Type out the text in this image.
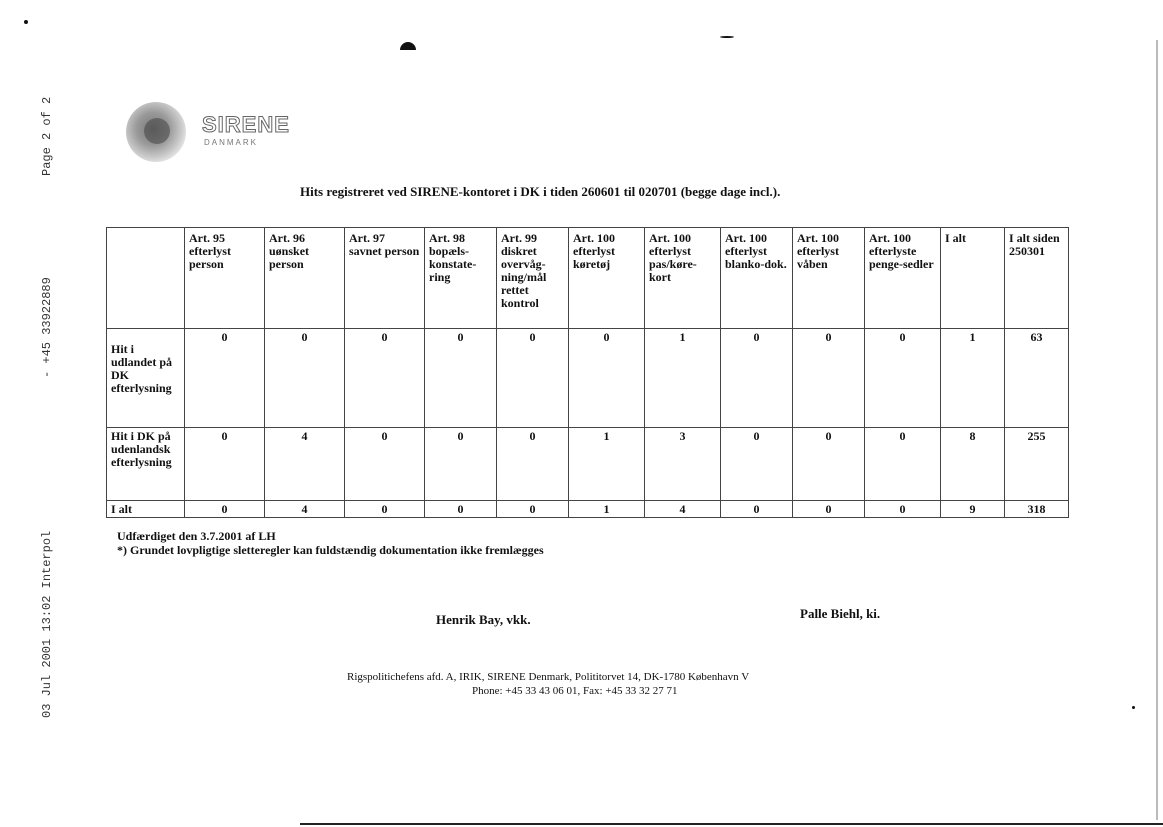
Page 2 of 2
- +45 33922889
03 Jul 2001 13:02 Interpol
SIRENE
DANMARK
Hits registreret ved SIRENE-kontoret i DK i tiden 260601 til 020701 (begge dage incl.).
	Art. 95 efterlyst person	Art. 96 uønsket person	Art. 97 savnet person	Art. 98 bopæls-konstate-ring	Art. 99 diskret overvåg-ning/mål rettet kontrol	Art. 100 efterlyst køretøj	Art. 100 efterlyst pas/køre-kort	Art. 100 efterlyst blanko-dok.	Art. 100 efterlyst våben	Art. 100 efterlyste penge-sedler	I alt	I alt siden 250301
Hit i udlandet på DK efterlysning	0	0	0	0	0	0	1	0	0	0	1	63
Hit i DK på udenlandsk efterlysning	0	4	0	0	0	1	3	0	0	0	8	255
I alt	0	4	0	0	0	1	4	0	0	0	9	318
Udfærdiget den 3.7.2001 af LH
*) Grundet lovpligtige sletteregler kan fuldstændig dokumentation ikke fremlægges
Henrik Bay, vkk.	Palle Biehl, ki.
Rigspolitichefens afd. A, IRIK, SIRENE Denmark, Polititorvet 14, DK-1780 København V
Phone: +45 33 43 06 01, Fax: +45 33 32 27 71
